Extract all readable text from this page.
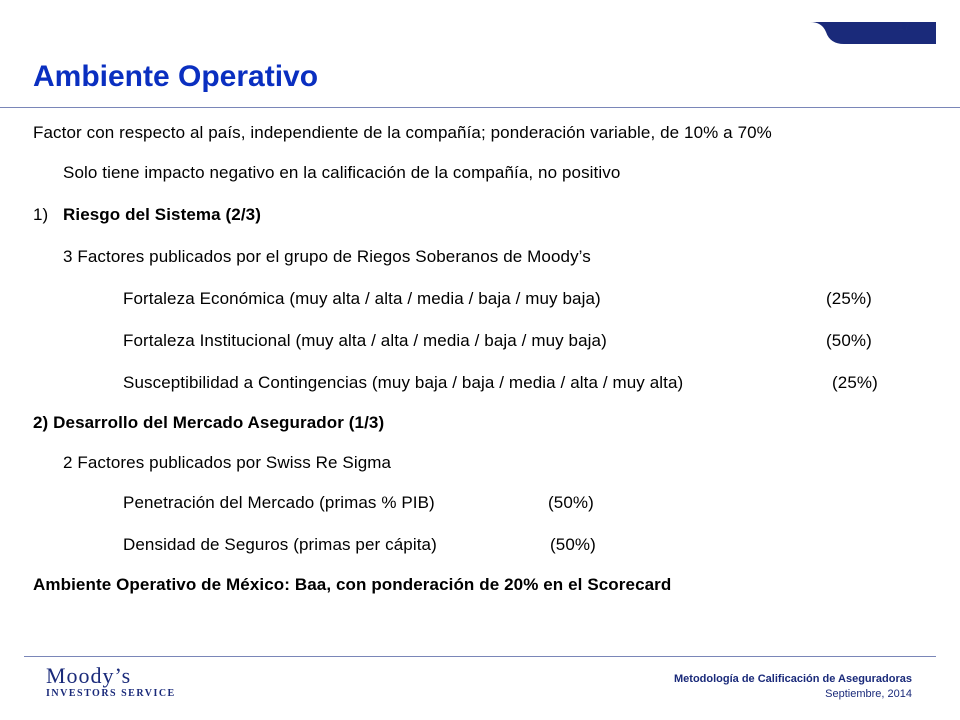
17
Ambiente Operativo
Factor con respecto al país, independiente de la compañía; ponderación variable, de 10% a 70%
Solo tiene impacto negativo en la calificación de la compañía, no positivo
1) Riesgo del Sistema (2/3)
3 Factores publicados por el grupo de Riegos Soberanos de Moody’s
Fortaleza Económica (muy alta / alta / media / baja / muy baja)	(25%)
Fortaleza Institucional (muy alta / alta / media / baja / muy baja)	(50%)
Susceptibilidad a Contingencias (muy baja / baja / media / alta / muy alta)	(25%)
2) Desarrollo del Mercado Asegurador (1/3)
2 Factores publicados por Swiss Re Sigma
Penetración del Mercado (primas % PIB)	(50%)
Densidad de Seguros (primas per cápita)	(50%)
Ambiente Operativo de México: Baa, con ponderación de 20% en el Scorecard
Moody’s
INVESTORS SERVICE
Metodología de Calificación de Aseguradoras
Septiembre, 2014
